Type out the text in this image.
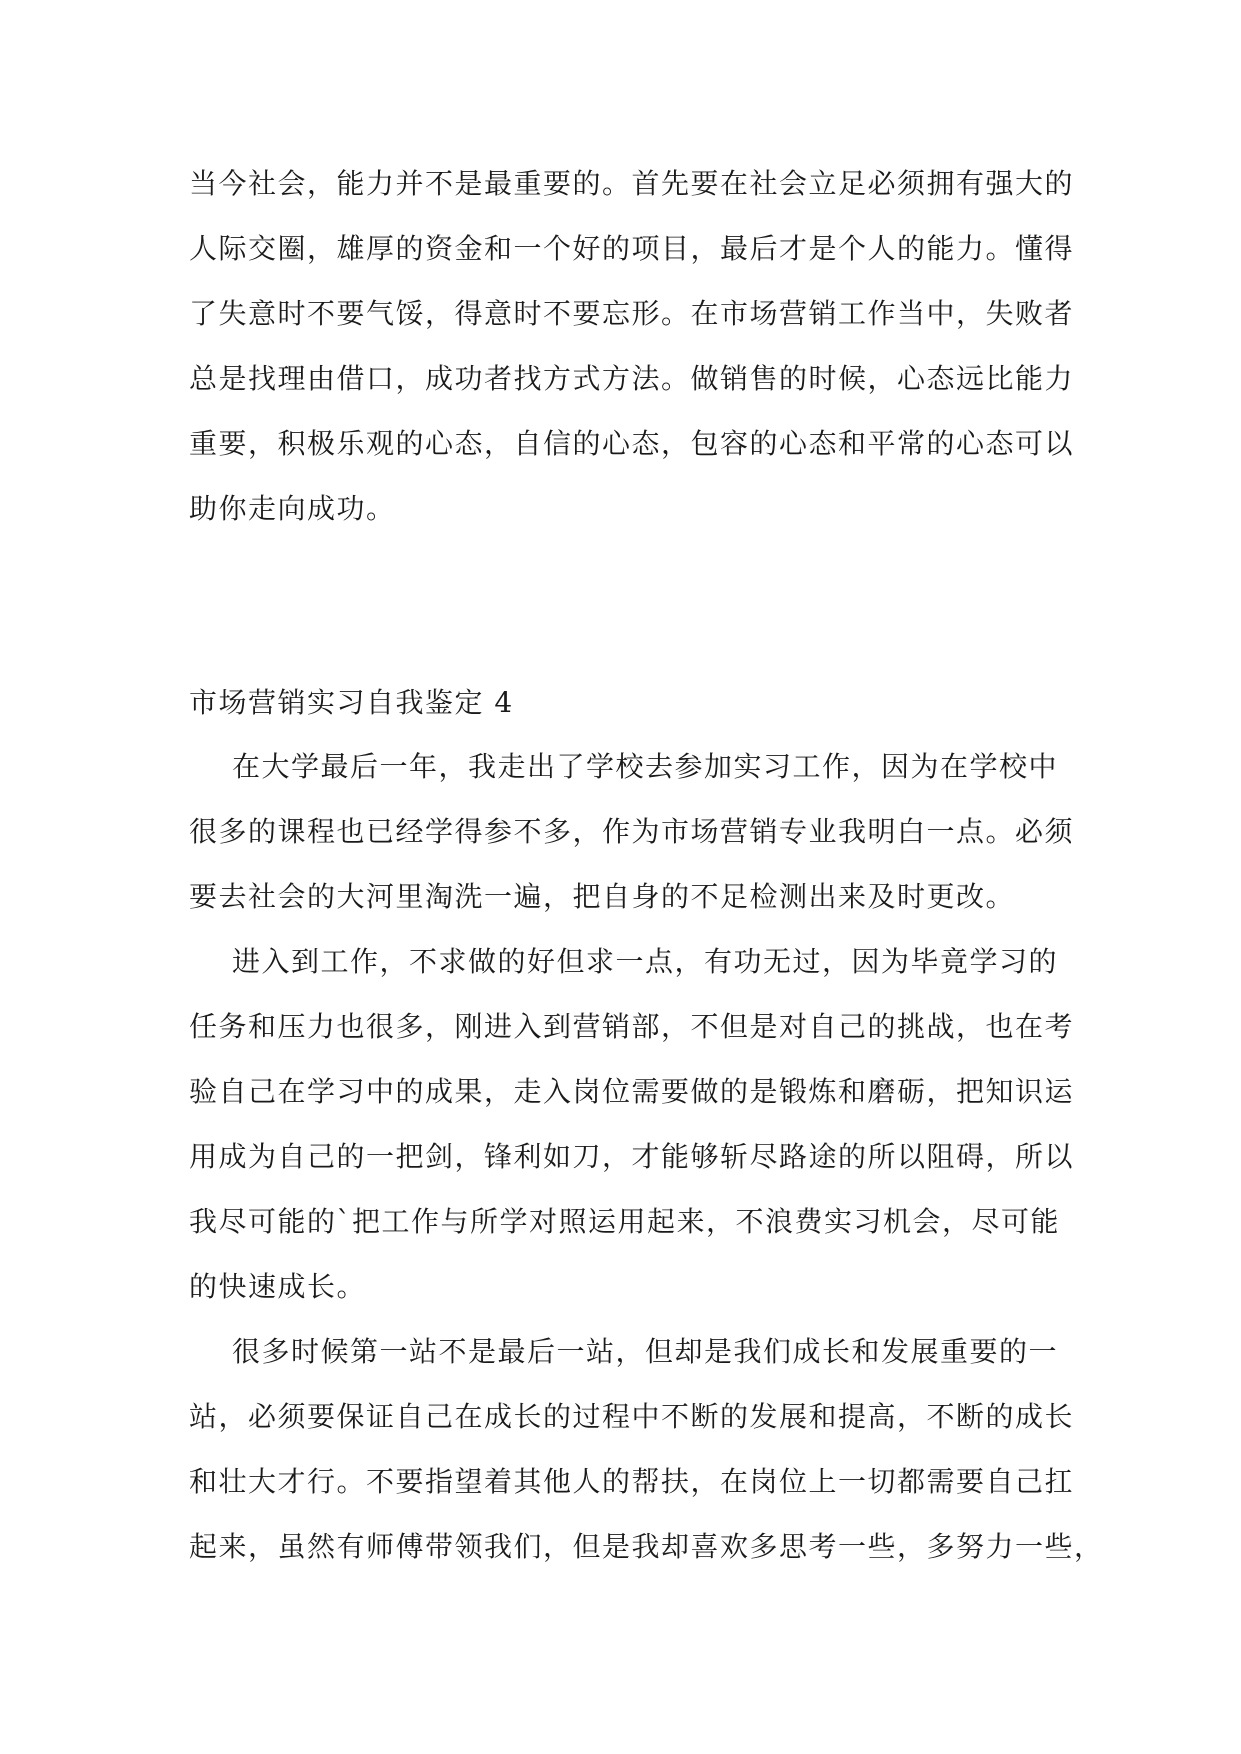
当今社会，能力并不是最重要的。首先要在社会立足必须拥有强大的
人际交圈，雄厚的资金和一个好的项目，最后才是个人的能力。懂得
了失意时不要气馁，得意时不要忘形。在市场营销工作当中，失败者
总是找理由借口，成功者找方式方法。做销售的时候，心态远比能力
重要，积极乐观的心态，自信的心态，包容的心态和平常的心态可以
助你走向成功。
市场营销实习自我鉴定 4
在大学最后一年，我走出了学校去参加实习工作，因为在学校中
很多的课程也已经学得参不多，作为市场营销专业我明白一点。必须
要去社会的大河里淘洗一遍，把自身的不足检测出来及时更改。
进入到工作，不求做的好但求一点，有功无过，因为毕竟学习的
任务和压力也很多，刚进入到营销部，不但是对自己的挑战，也在考
验自己在学习中的成果，走入岗位需要做的是锻炼和磨砺，把知识运
用成为自己的一把剑，锋利如刀，才能够斩尽路途的所以阻碍，所以
我尽可能的`把工作与所学对照运用起来，不浪费实习机会，尽可能
的快速成长。
很多时候第一站不是最后一站，但却是我们成长和发展重要的一
站，必须要保证自己在成长的过程中不断的发展和提高，不断的成长
和壮大才行。不要指望着其他人的帮扶，在岗位上一切都需要自己扛
起来，虽然有师傅带领我们，但是我却喜欢多思考一些，多努力一些，
